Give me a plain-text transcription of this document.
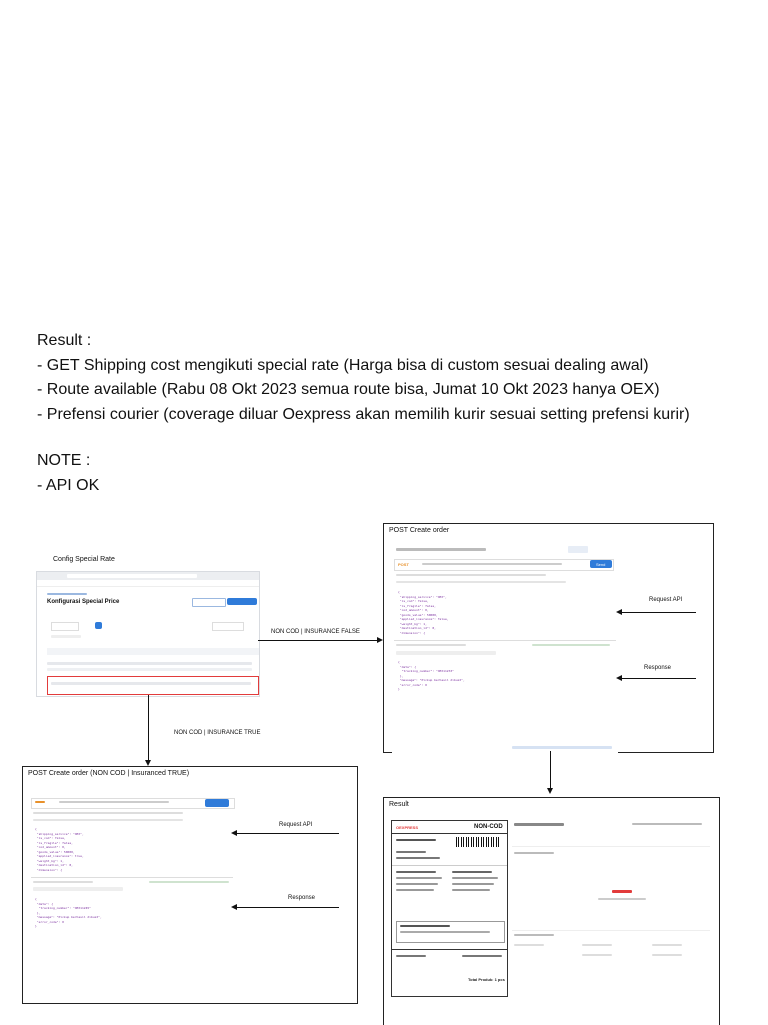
Result :
- GET Shipping cost mengikuti special rate (Harga bisa di custom sesuai dealing awal)
- Route available (Rabu 08 Okt 2023 semua route bisa, Jumat 10 Okt 2023 hanya OEX)
- Prefensi courier (coverage diluar Oexpress akan memilih kurir sesuai setting prefensi kurir)
NOTE :
- API OK
Config Special Rate
Konfigurasi Special Price
NON COD | INSURANCE FALSE
NON COD | INSURANCE TRUE
POST Create order
POST	Send
{
"shipping_service": "OEX",
"is_cod": false,
"is_fragile": false,
"cod_amount": 0,
"goods_value": 50000,
"applied_insurance": false,
"weight_kg": 1,
"destination_id": 8,
"dimension": {
{
"data": {
"tracking_number": "OEX11233"
},
"message": "Pickup berhasil dibuat",
"error_code": 0
}
Request API
Response
POST Create order (NON COD | Insuranced TRUE)
{
"shipping_service": "OEX",
"is_cod": false,
"is_fragile": false,
"cod_amount": 0,
"goods_value": 50000,
"applied_insurance": true,
"weight_kg": 1,
"destination_id": 8,
"dimension": {
{
"data": {
"tracking_number": "OEX11245"
},
"message": "Pickup berhasil dibuat",
"error_code": 0
}
Request API
Response
Result
OEXPRESS	NON-COD
Total Produk: 1 pcs
